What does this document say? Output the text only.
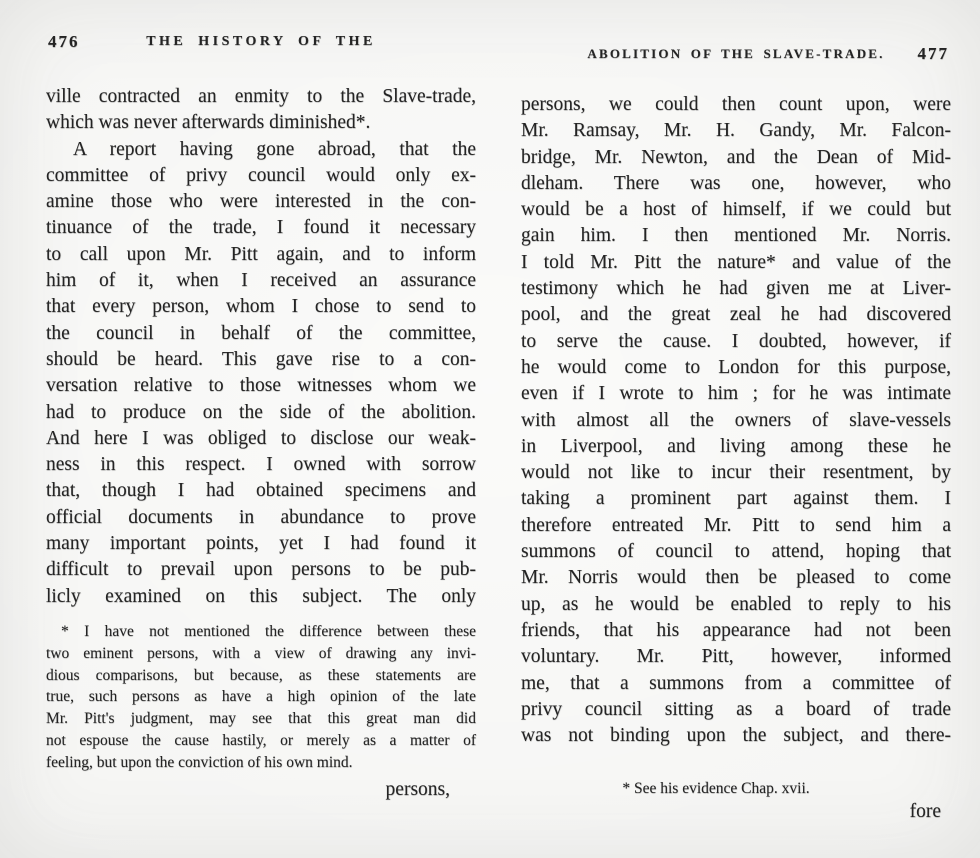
476	THE HISTORY OF THE
ville contracted an enmity to the Slave-trade,
which was never afterwards diminished*.
A report having gone abroad, that the
committee of privy council would only ex-
amine those who were interested in the con-
tinuance of the trade, I found it necessary
to call upon Mr. Pitt again, and to inform
him of it, when I received an assurance
that every person, whom I chose to send to
the council in behalf of the committee,
should be heard. This gave rise to a con-
versation relative to those witnesses whom we
had to produce on the side of the abolition.
And here I was obliged to disclose our weak-
ness in this respect. I owned with sorrow
that, though I had obtained specimens and
official documents in abundance to prove
many important points, yet I had found it
difficult to prevail upon persons to be pub-
licly examined on this subject. The only
* I have not mentioned the difference between these
two eminent persons, with a view of drawing any invi-
dious comparisons, but because, as these statements are
true, such persons as have a high opinion of the late
Mr. Pitt's judgment, may see that this great man did
not espouse the cause hastily, or merely as a matter of
feeling, but upon the conviction of his own mind.
persons,
ABOLITION OF THE SLAVE-TRADE. 477
persons, we could then count upon, were
Mr. Ramsay, Mr. H. Gandy, Mr. Falcon-
bridge, Mr. Newton, and the Dean of Mid-
dleham. There was one, however, who
would be a host of himself, if we could but
gain him. I then mentioned Mr. Norris.
I told Mr. Pitt the nature* and value of the
testimony which he had given me at Liver-
pool, and the great zeal he had discovered
to serve the cause. I doubted, however, if
he would come to London for this purpose,
even if I wrote to him ; for he was intimate
with almost all the owners of slave-vessels
in Liverpool, and living among these he
would not like to incur their resentment, by
taking a prominent part against them. I
therefore entreated Mr. Pitt to send him a
summons of council to attend, hoping that
Mr. Norris would then be pleased to come
up, as he would be enabled to reply to his
friends, that his appearance had not been
voluntary. Mr. Pitt, however, informed
me, that a summons from a committee of
privy council sitting as a board of trade
was not binding upon the subject, and there-
* See his evidence Chap. xvii.
fore
